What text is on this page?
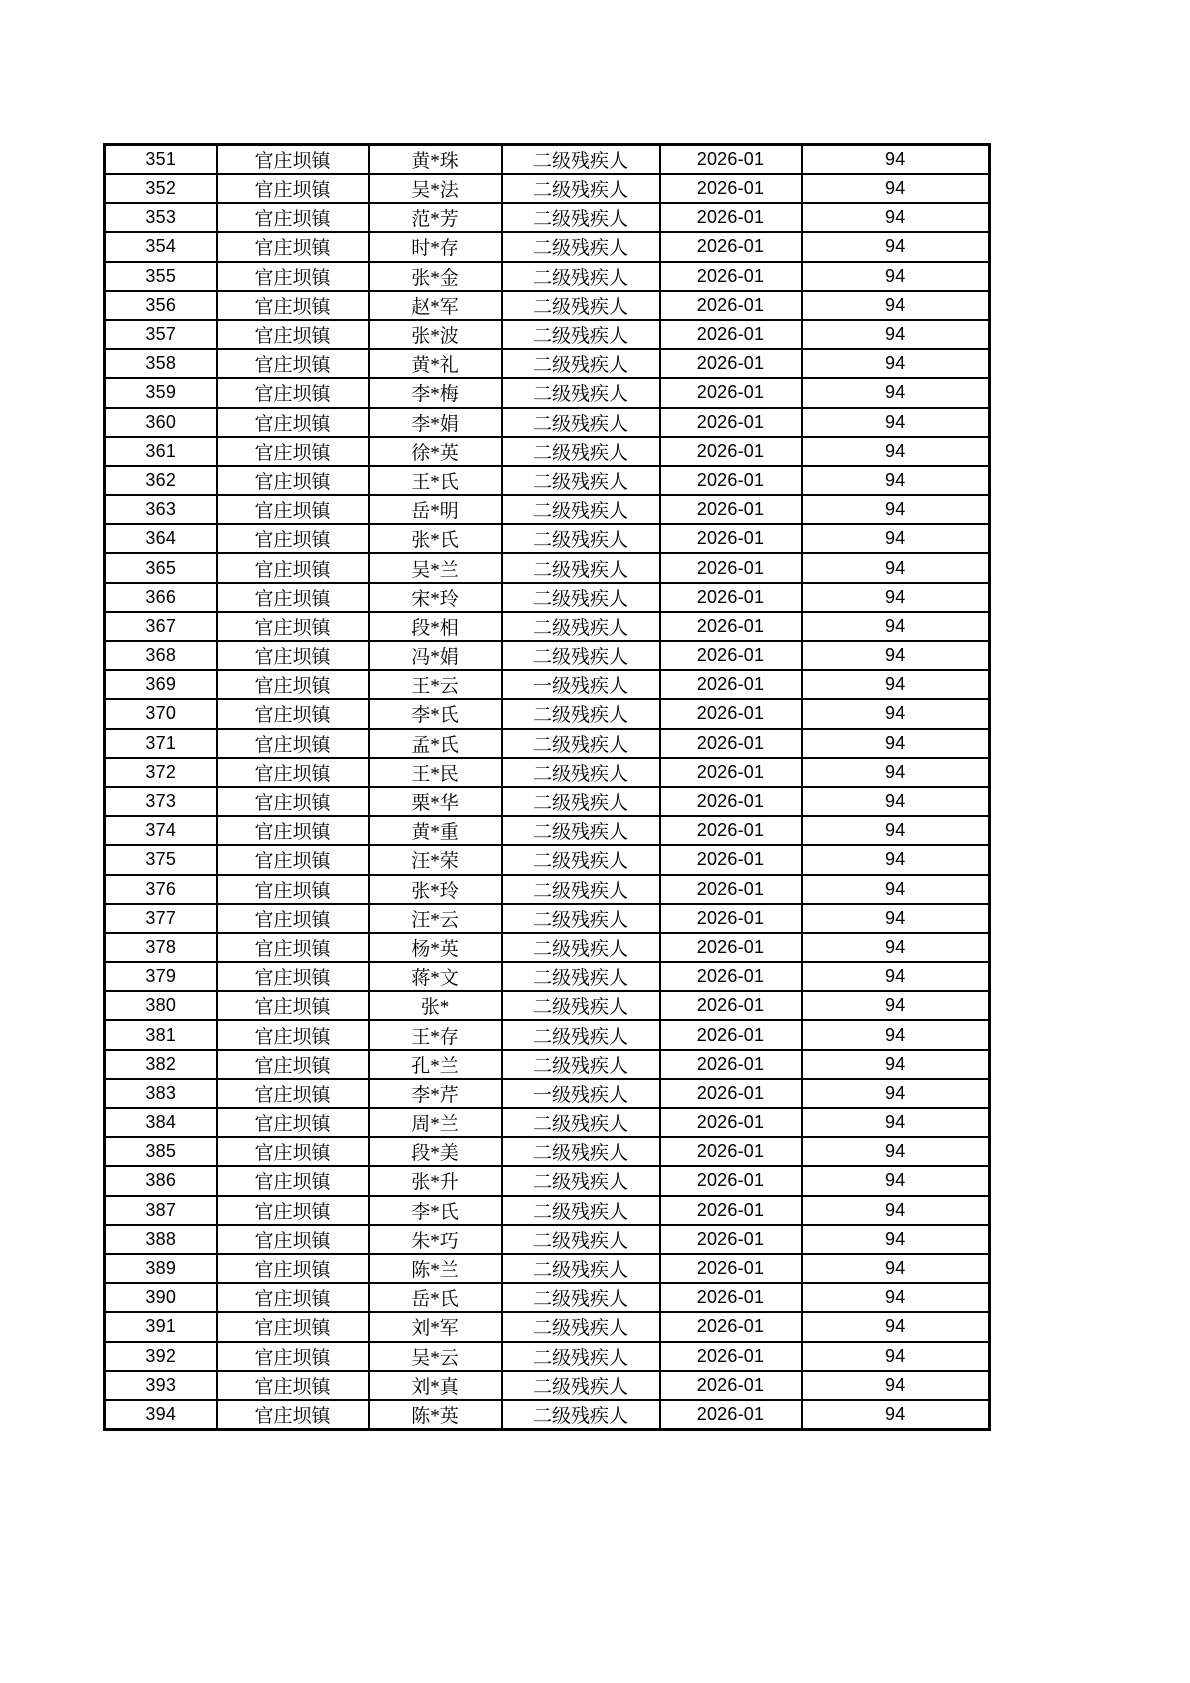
351	官庄坝镇	黄*珠	二级残疾人	2026-01	94
352	官庄坝镇	吴*法	二级残疾人	2026-01	94
353	官庄坝镇	范*芳	二级残疾人	2026-01	94
354	官庄坝镇	时*存	二级残疾人	2026-01	94
355	官庄坝镇	张*金	二级残疾人	2026-01	94
356	官庄坝镇	赵*军	二级残疾人	2026-01	94
357	官庄坝镇	张*波	二级残疾人	2026-01	94
358	官庄坝镇	黄*礼	二级残疾人	2026-01	94
359	官庄坝镇	李*梅	二级残疾人	2026-01	94
360	官庄坝镇	李*娟	二级残疾人	2026-01	94
361	官庄坝镇	徐*英	二级残疾人	2026-01	94
362	官庄坝镇	王*氏	二级残疾人	2026-01	94
363	官庄坝镇	岳*明	二级残疾人	2026-01	94
364	官庄坝镇	张*氏	二级残疾人	2026-01	94
365	官庄坝镇	吴*兰	二级残疾人	2026-01	94
366	官庄坝镇	宋*玲	二级残疾人	2026-01	94
367	官庄坝镇	段*相	二级残疾人	2026-01	94
368	官庄坝镇	冯*娟	二级残疾人	2026-01	94
369	官庄坝镇	王*云	一级残疾人	2026-01	94
370	官庄坝镇	李*氏	二级残疾人	2026-01	94
371	官庄坝镇	孟*氏	二级残疾人	2026-01	94
372	官庄坝镇	王*民	二级残疾人	2026-01	94
373	官庄坝镇	栗*华	二级残疾人	2026-01	94
374	官庄坝镇	黄*重	二级残疾人	2026-01	94
375	官庄坝镇	汪*荣	二级残疾人	2026-01	94
376	官庄坝镇	张*玲	二级残疾人	2026-01	94
377	官庄坝镇	汪*云	二级残疾人	2026-01	94
378	官庄坝镇	杨*英	二级残疾人	2026-01	94
379	官庄坝镇	蒋*文	二级残疾人	2026-01	94
380	官庄坝镇	张*	二级残疾人	2026-01	94
381	官庄坝镇	王*存	二级残疾人	2026-01	94
382	官庄坝镇	孔*兰	二级残疾人	2026-01	94
383	官庄坝镇	李*芹	一级残疾人	2026-01	94
384	官庄坝镇	周*兰	二级残疾人	2026-01	94
385	官庄坝镇	段*美	二级残疾人	2026-01	94
386	官庄坝镇	张*升	二级残疾人	2026-01	94
387	官庄坝镇	李*氏	二级残疾人	2026-01	94
388	官庄坝镇	朱*巧	二级残疾人	2026-01	94
389	官庄坝镇	陈*兰	二级残疾人	2026-01	94
390	官庄坝镇	岳*氏	二级残疾人	2026-01	94
391	官庄坝镇	刘*军	二级残疾人	2026-01	94
392	官庄坝镇	吴*云	二级残疾人	2026-01	94
393	官庄坝镇	刘*真	二级残疾人	2026-01	94
394	官庄坝镇	陈*英	二级残疾人	2026-01	94
